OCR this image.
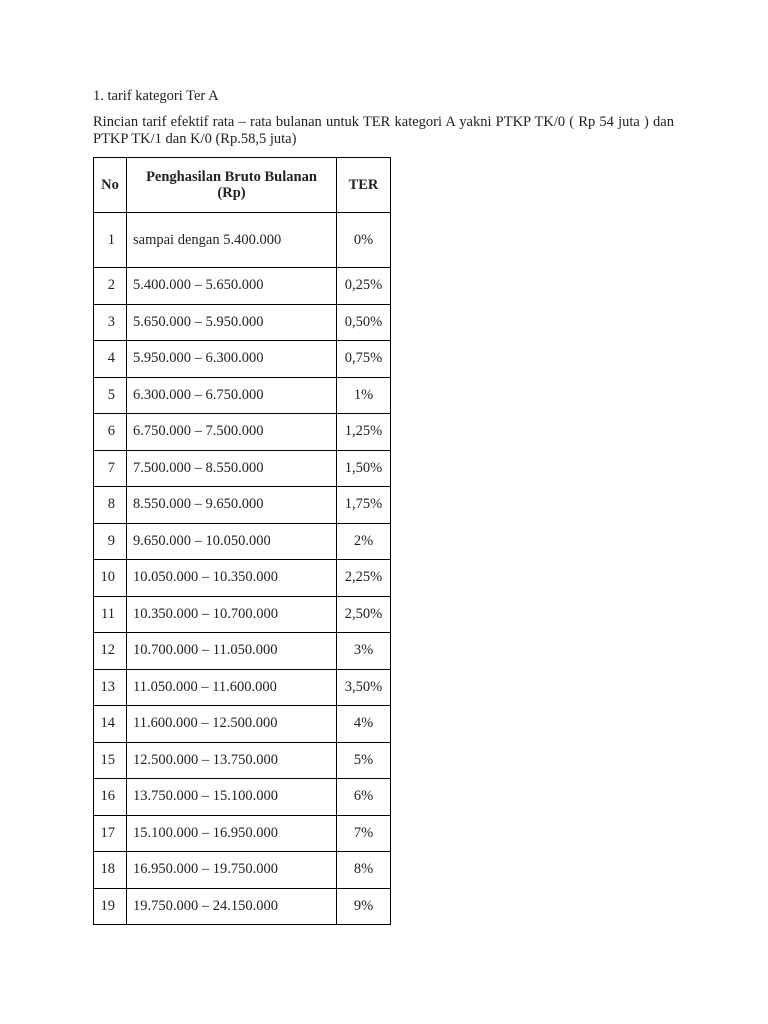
1. tarif kategori Ter A
Rincian tarif efektif rata – rata bulanan untuk TER kategori A yakni PTKP TK/0 ( Rp 54 juta ) dan PTKP TK/1 dan K/0 (Rp.58,5 juta)
No	Penghasilan Bruto Bulanan (Rp)	TER
1	sampai dengan 5.400.000	0%
2	5.400.000 – 5.650.000	0,25%
3	5.650.000 – 5.950.000	0,50%
4	5.950.000 – 6.300.000	0,75%
5	6.300.000 – 6.750.000	1%
6	6.750.000 – 7.500.000	1,25%
7	7.500.000 – 8.550.000	1,50%
8	8.550.000 – 9.650.000	1,75%
9	9.650.000 – 10.050.000	2%
10	10.050.000 – 10.350.000	2,25%
11	10.350.000 – 10.700.000	2,50%
12	10.700.000 – 11.050.000	3%
13	11.050.000 – 11.600.000	3,50%
14	11.600.000 – 12.500.000	4%
15	12.500.000 – 13.750.000	5%
16	13.750.000 – 15.100.000	6%
17	15.100.000 – 16.950.000	7%
18	16.950.000 – 19.750.000	8%
19	19.750.000 – 24.150.000	9%
